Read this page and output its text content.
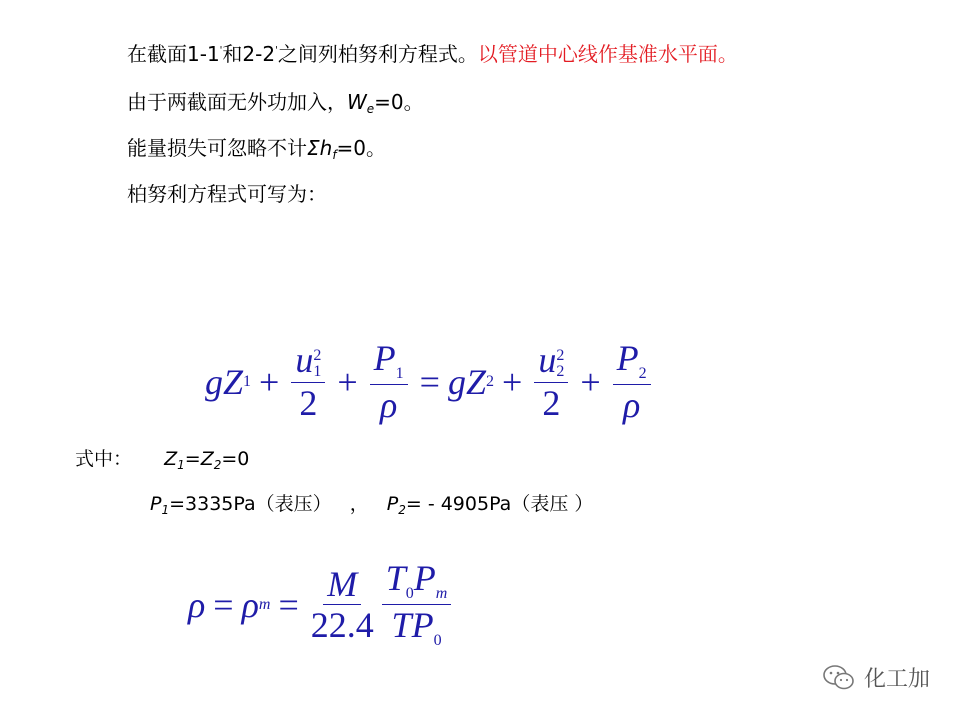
在截面1-1'和2-2'之间列柏努利方程式。以管道中心线作基准水平面。
由于两截面无外功加入，$W_e=0$。
能量损失可忽略不计$\Sigma h_f=0$。
柏努利方程式可写为：
g Z 1 + u 2
1
$2 + \frac{P_1}{\rho} = g$ Z 2 + u 2
2
$2 + \frac{P_2}{\rho}$
式中： $Z_1=Z_2=0$
$P_1=3335Pa$（表压） ， $P_2= - 4905Pa$（表压 ）
ρ = ρ $m = \frac{M}{22.4} \frac{T_0P_m}{TP_0}$
化工加
